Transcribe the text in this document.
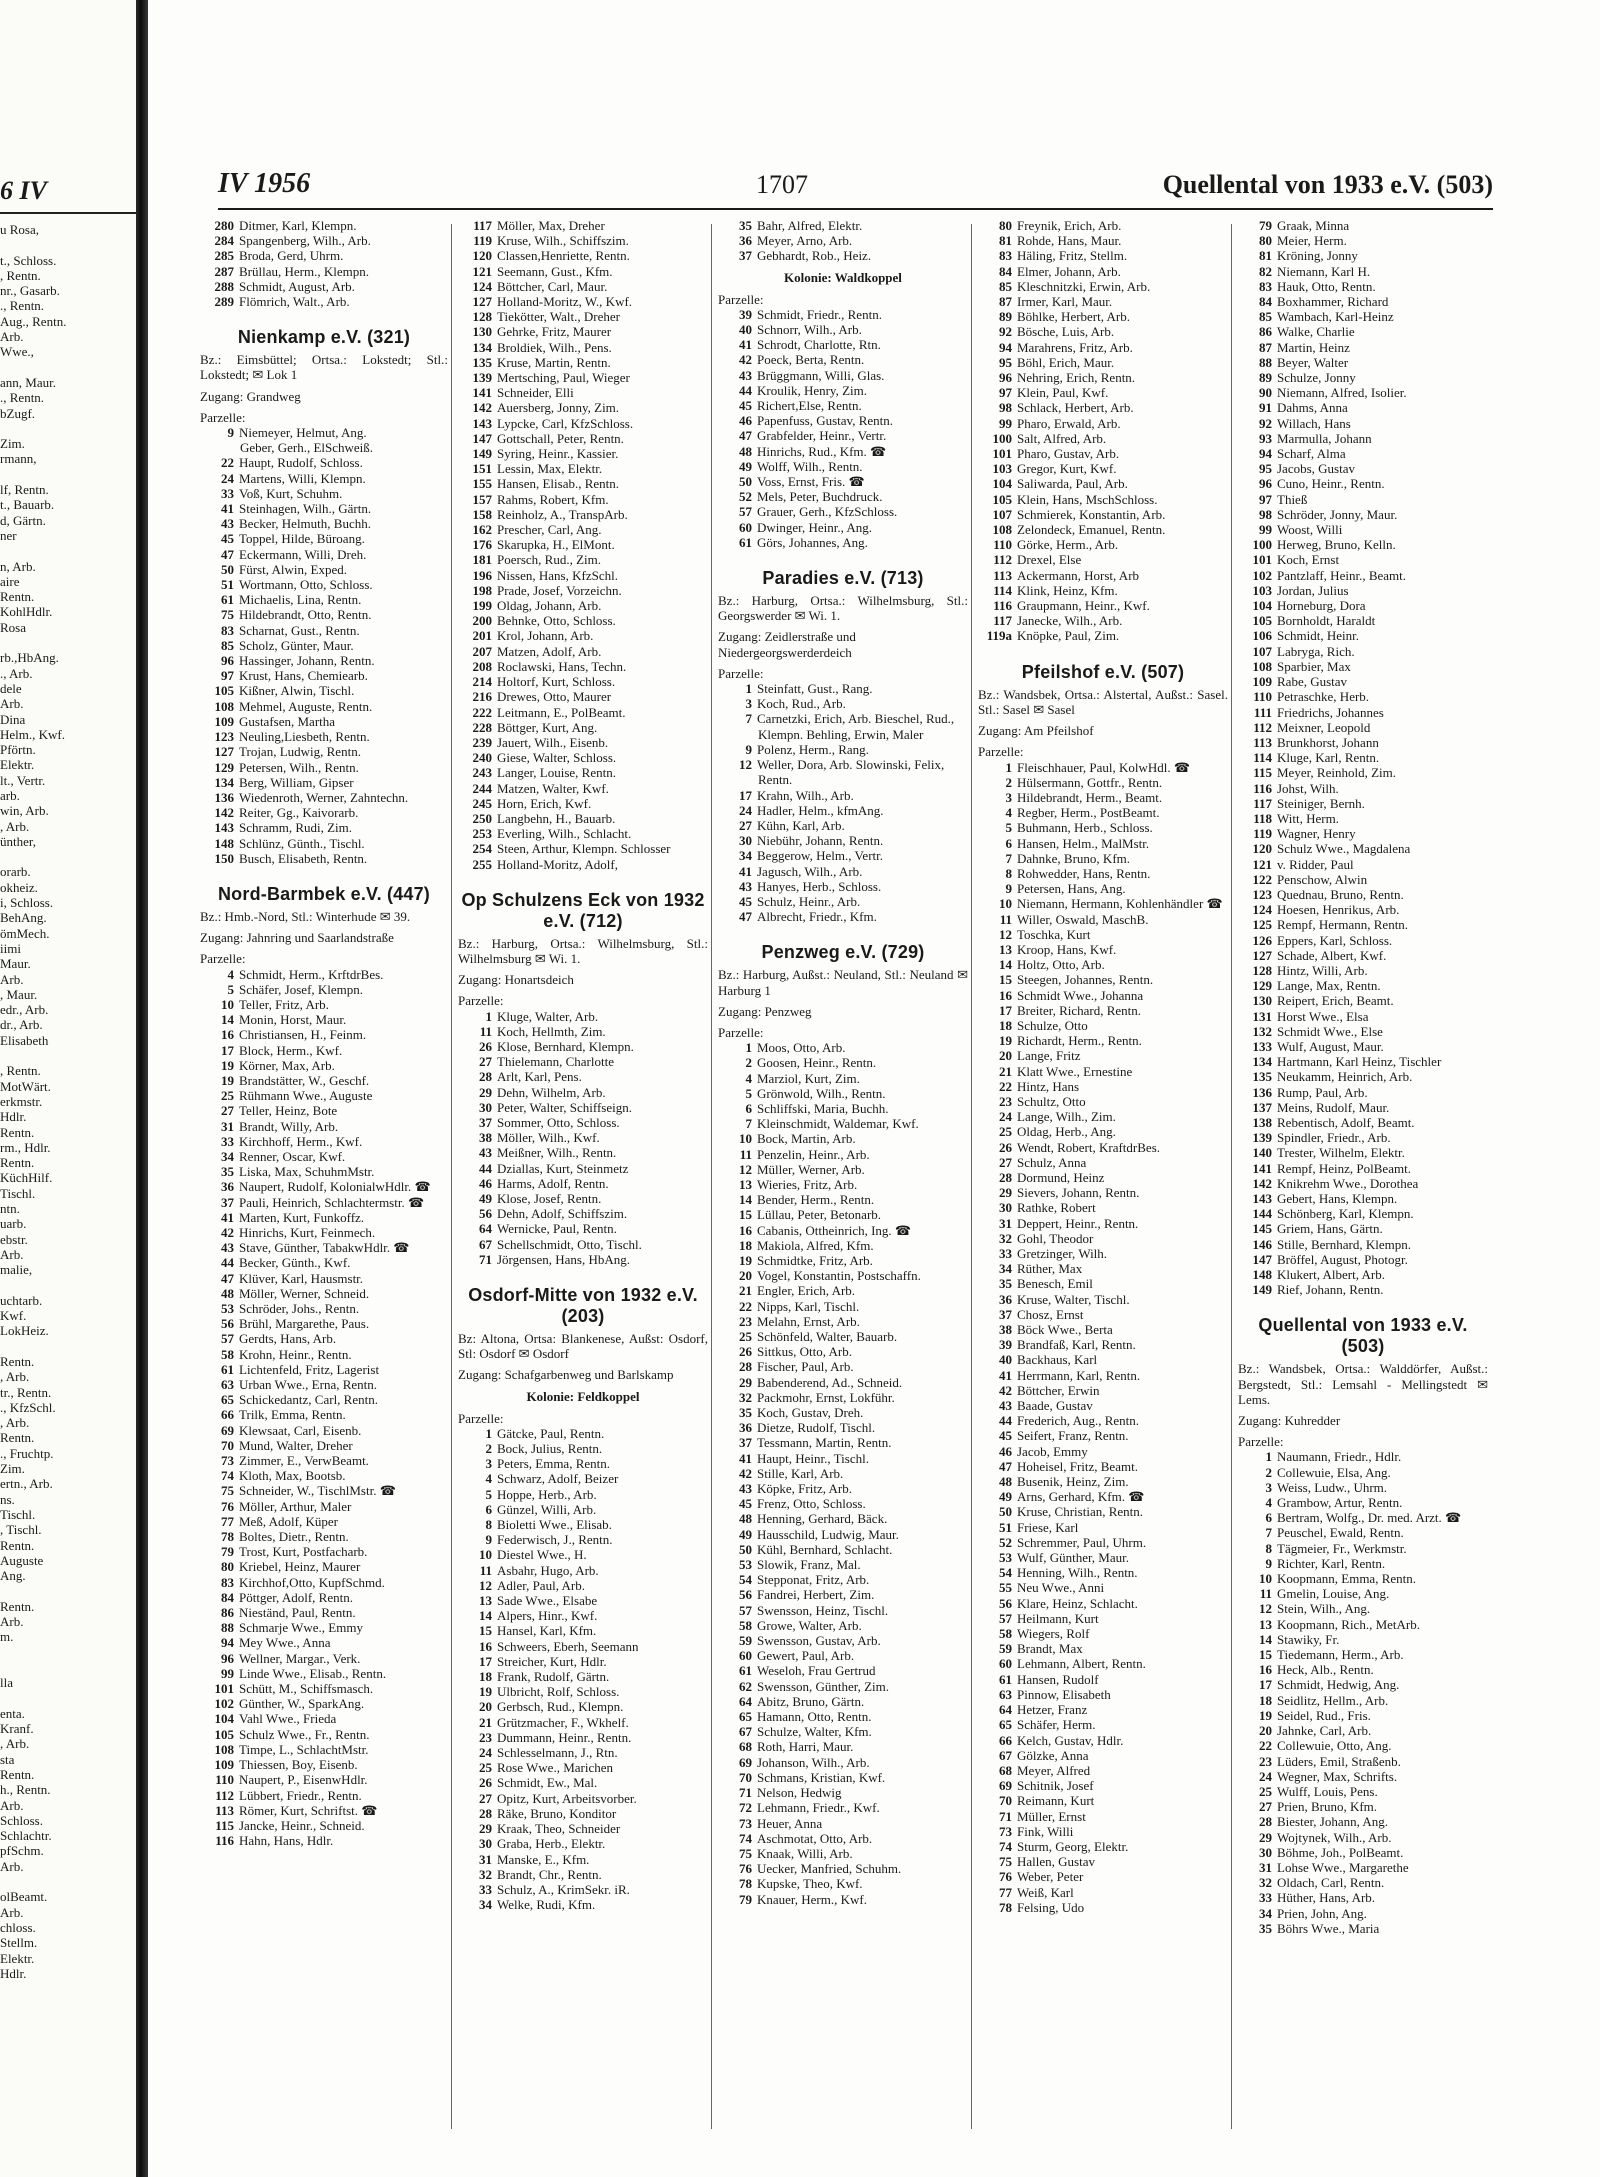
6 IV
u Rosa,

t., Schloss.
, Rentn.
nr., Gasarb.
., Rentn.
Aug., Rentn.
Arb.
Wwe.,

ann, Maur.
., Rentn.
bZugf.

Zim.
rmann,

lf, Rentn.
t., Bauarb.
d, Gärtn.
ner

n, Arb.
aire
Rentn.
KohlHdlr.
Rosa

rb.,HbAng.
., Arb.
dele
Arb.
Dina
Helm., Kwf.
Pförtn.
Elektr.
lt., Vertr.
arb.
win, Arb.
, Arb.
ünther,

orarb.
okheiz.
i, Schloss.
BehAng.
ömMech.
iimi
Maur.
Arb.
, Maur.
edr., Arb.
dr., Arb.
Elisabeth

, Rentn.
MotWärt.
erkmstr.
Hdlr.
Rentn.
rm., Hdlr.
Rentn.
KüchHilf.
Tischl.
ntn.
uarb.
ebstr.
Arb.
malie,

uchtarb.
Kwf.
LokHeiz.

Rentn.
, Arb.
tr., Rentn.
., KfzSchl.
, Arb.
Rentn.
., Fruchtp.
Zim.
ertn., Arb.
ns.
Tischl.
, Tischl.
Rentn.
Auguste
Ang.

Rentn.
Arb.
m.

lla

enta.
Kranf.
, Arb.
sta
Rentn.
h., Rentn.
Arb.
Schloss.
Schlachtr.
pfSchm.
Arb.

olBeamt.
Arb.
chloss.
Stellm.
Elektr.
Hdlr.
IV 1956	1707	Quellental von 1933 e.V. (503)
280 Ditmer, Karl, Klempn.
284 Spangenberg, Wilh., Arb.
285 Broda, Gerd, Uhrm.
287 Brüllau, Herm., Klempn.
288 Schmidt, August, Arb.
289 Flömrich, Walt., Arb.
Nienkamp e.V. (321)
Bz.: Eimsbüttel; Ortsa.: Lokstedt; Stl.: Lokstedt; ✉ Lok 1
Zugang: Grandweg
Parzelle:
9 Niemeyer, Helmut, Ang.
Geber, Gerh., ElSchweiß.
22 Haupt, Rudolf, Schloss.
24 Martens, Willi, Klempn.
33 Voß, Kurt, Schuhm.
41 Steinhagen, Wilh., Gärtn.
43 Becker, Helmuth, Buchh.
45 Toppel, Hilde, Büroang.
47 Eckermann, Willi, Dreh.
50 Fürst, Alwin, Exped.
51 Wortmann, Otto, Schloss.
61 Michaelis, Lina, Rentn.
75 Hildebrandt, Otto, Rentn.
83 Scharnat, Gust., Rentn.
85 Scholz, Günter, Maur.
96 Hassinger, Johann, Rentn.
97 Krust, Hans, Chemiearb.
105 Kißner, Alwin, Tischl.
108 Mehmel, Auguste, Rentn.
109 Gustafsen, Martha
123 Neuling,Liesbeth, Rentn.
127 Trojan, Ludwig, Rentn.
129 Petersen, Wilh., Rentn.
134 Berg, William, Gipser
136 Wiedenroth, Werner, Zahntechn.
142 Reiter, Gg., Kaivorarb.
143 Schramm, Rudi, Zim.
148 Schlünz, Günth., Tischl.
150 Busch, Elisabeth, Rentn.
Nord-Barmbek e.V. (447)
Bz.: Hmb.-Nord, Stl.: Winterhude ✉ 39.
Zugang: Jahnring und Saarlandstraße
Parzelle:
4 Schmidt, Herm., KrftdrBes.
5 Schäfer, Josef, Klempn.
10 Teller, Fritz, Arb.
14 Monin, Horst, Maur.
16 Christiansen, H., Feinm.
17 Block, Herm., Kwf.
19 Körner, Max, Arb.
19 Brandstätter, W., Geschf.
25 Rühmann Wwe., Auguste
27 Teller, Heinz, Bote
31 Brandt, Willy, Arb.
33 Kirchhoff, Herm., Kwf.
34 Renner, Oscar, Kwf.
35 Liska, Max, SchuhmMstr.
36 Naupert, Rudolf, KolonialwHdlr. ☎
37 Pauli, Heinrich, Schlachtermstr. ☎
41 Marten, Kurt, Funkoffz.
42 Hinrichs, Kurt, Feinmech.
43 Stave, Günther, TabakwHdlr. ☎
44 Becker, Günth., Kwf.
47 Klüver, Karl, Hausmstr.
48 Möller, Werner, Schneid.
53 Schröder, Johs., Rentn.
56 Brühl, Margarethe, Paus.
57 Gerdts, Hans, Arb.
58 Krohn, Heinr., Rentn.
61 Lichtenfeld, Fritz, Lagerist
63 Urban Wwe., Erna, Rentn.
65 Schickedantz, Carl, Rentn.
66 Trilk, Emma, Rentn.
69 Klewsaat, Carl, Eisenb.
70 Mund, Walter, Dreher
73 Zimmer, E., VerwBeamt.
74 Kloth, Max, Bootsb.
75 Schneider, W., TischlMstr. ☎
76 Möller, Arthur, Maler
77 Meß, Adolf, Küper
78 Boltes, Dietr., Rentn.
79 Trost, Kurt, Postfacharb.
80 Kriebel, Heinz, Maurer
83 Kirchhof,Otto, KupfSchmd.
84 Pöttger, Adolf, Rentn.
86 Nieständ, Paul, Rentn.
88 Schmarje Wwe., Emmy
94 Mey Wwe., Anna
96 Wellner, Margar., Verk.
99 Linde Wwe., Elisab., Rentn.
101 Schütt, M., Schiffsmasch.
102 Günther, W., SparkAng.
104 Vahl Wwe., Frieda
105 Schulz Wwe., Fr., Rentn.
108 Timpe, L., SchlachtMstr.
109 Thiessen, Boy, Eisenb.
110 Naupert, P., EisenwHdlr.
112 Lübbert, Friedr., Rentn.
113 Römer, Kurt, Schriftst. ☎
115 Jancke, Heinr., Schneid.
116 Hahn, Hans, Hdlr.
117 Möller, Max, Dreher
119 Kruse, Wilh., Schiffszim.
120 Classen,Henriette, Rentn.
121 Seemann, Gust., Kfm.
124 Böttcher, Carl, Maur.
127 Holland-Moritz, W., Kwf.
128 Tiekötter, Walt., Dreher
130 Gehrke, Fritz, Maurer
134 Broldiek, Wilh., Pens.
135 Kruse, Martin, Rentn.
139 Mertsching, Paul, Wieger
141 Schneider, Elli
142 Auersberg, Jonny, Zim.
143 Lypcke, Carl, KfzSchloss.
147 Gottschall, Peter, Rentn.
149 Syring, Heinr., Kassier.
151 Lessin, Max, Elektr.
155 Hansen, Elisab., Rentn.
157 Rahms, Robert, Kfm.
158 Reinholz, A., TranspArb.
162 Prescher, Carl, Ang.
176 Skarupka, H., ElMont.
181 Poersch, Rud., Zim.
196 Nissen, Hans, KfzSchl.
198 Prade, Josef, Vorzeichn.
199 Oldag, Johann, Arb.
200 Behnke, Otto, Schloss.
201 Krol, Johann, Arb.
207 Matzen, Adolf, Arb.
208 Roclawski, Hans, Techn.
214 Holtorf, Kurt, Schloss.
216 Drewes, Otto, Maurer
222 Leitmann, E., PolBeamt.
228 Böttger, Kurt, Ang.
239 Jauert, Wilh., Eisenb.
240 Giese, Walter, Schloss.
243 Langer, Louise, Rentn.
244 Matzen, Walter, Kwf.
245 Horn, Erich, Kwf.
250 Langbehn, H., Bauarb.
253 Everling, Wilh., Schlacht.
254 Steen, Arthur, Klempn. Schlosser
255 Holland-Moritz, Adolf,
Op Schulzens Eck von 1932 e.V. (712)
Bz.: Harburg, Ortsa.: Wilhelmsburg, Stl.: Wilhelmsburg ✉ Wi. 1.
Zugang: Honartsdeich
Parzelle:
1 Kluge, Walter, Arb.
11 Koch, Hellmth, Zim.
26 Klose, Bernhard, Klempn.
27 Thielemann, Charlotte
28 Arlt, Karl, Pens.
29 Dehn, Wilhelm, Arb.
30 Peter, Walter, Schiffseign.
37 Sommer, Otto, Schloss.
38 Möller, Wilh., Kwf.
43 Meißner, Wilh., Rentn.
44 Dziallas, Kurt, Steinmetz
46 Harms, Adolf, Rentn.
49 Klose, Josef, Rentn.
56 Dehn, Adolf, Schiffszim.
64 Wernicke, Paul, Rentn.
67 Schellschmidt, Otto, Tischl.
71 Jörgensen, Hans, HbAng.
Osdorf-Mitte von 1932 e.V. (203)
Bz: Altona, Ortsa: Blankenese, Außst: Osdorf, Stl: Osdorf ✉ Osdorf
Zugang: Schafgarbenweg und Barlskamp
Kolonie: Feldkoppel
Parzelle:
1 Gätcke, Paul, Rentn.
2 Bock, Julius, Rentn.
3 Peters, Emma, Rentn.
4 Schwarz, Adolf, Beizer
5 Hoppe, Herb., Arb.
6 Günzel, Willi, Arb.
8 Bioletti Wwe., Elisab.
9 Federwisch, J., Rentn.
10 Diestel Wwe., H.
11 Asbahr, Hugo, Arb.
12 Adler, Paul, Arb.
13 Sade Wwe., Elsabe
14 Alpers, Hinr., Kwf.
15 Hansel, Karl, Kfm.
16 Schweers, Eberh, Seemann
17 Streicher, Kurt, Hdlr.
18 Frank, Rudolf, Gärtn.
19 Ulbricht, Rolf, Schloss.
20 Gerbsch, Rud., Klempn.
21 Grützmacher, F., Wkhelf.
23 Dummann, Heinr., Rentn.
24 Schlesselmann, J., Rtn.
25 Rose Wwe., Marichen
26 Schmidt, Ew., Mal.
27 Opitz, Kurt, Arbeitsvorber.
28 Räke, Bruno, Konditor
29 Kraak, Theo, Schneider
30 Graba, Herb., Elektr.
31 Manske, E., Kfm.
32 Brandt, Chr., Rentn.
33 Schulz, A., KrimSekr. iR.
34 Welke, Rudi, Kfm.
35 Bahr, Alfred, Elektr.
36 Meyer, Arno, Arb.
37 Gebhardt, Rob., Heiz.
Kolonie: Waldkoppel
Parzelle:
39 Schmidt, Friedr., Rentn.
40 Schnorr, Wilh., Arb.
41 Schrodt, Charlotte, Rtn.
42 Poeck, Berta, Rentn.
43 Brüggmann, Willi, Glas.
44 Kroulik, Henry, Zim.
45 Richert,Else, Rentn.
46 Papenfuss, Gustav, Rentn.
47 Grabfelder, Heinr., Vertr.
48 Hinrichs, Rud., Kfm. ☎
49 Wolff, Wilh., Rentn.
50 Voss, Ernst, Fris. ☎
52 Mels, Peter, Buchdruck.
57 Grauer, Gerh., KfzSchloss.
60 Dwinger, Heinr., Ang.
61 Görs, Johannes, Ang.
Paradies e.V. (713)
Bz.: Harburg, Ortsa.: Wilhelmsburg, Stl.: Georgswerder ✉ Wi. 1.
Zugang: Zeidlerstraße und Niedergeorgswerderdeich
Parzelle:
1 Steinfatt, Gust., Rang.
3 Koch, Rud., Arb.
7 Carnetzki, Erich, Arb. Bieschel, Rud., Klempn. Behling, Erwin, Maler
9 Polenz, Herm., Rang.
12 Weller, Dora, Arb. Slowinski, Felix, Rentn.
17 Krahn, Wilh., Arb.
24 Hadler, Helm., kfmAng.
27 Kühn, Karl, Arb.
30 Niebühr, Johann, Rentn.
34 Beggerow, Helm., Vertr.
41 Jagusch, Wilh., Arb.
43 Hanyes, Herb., Schloss.
45 Schulz, Heinr., Arb.
47 Albrecht, Friedr., Kfm.
Penzweg e.V. (729)
Bz.: Harburg, Außst.: Neuland, Stl.: Neuland ✉ Harburg 1
Zugang: Penzweg
Parzelle:
1 Moos, Otto, Arb.
2 Goosen, Heinr., Rentn.
4 Marziol, Kurt, Zim.
5 Grönwold, Wilh., Rentn.
6 Schliffski, Maria, Buchh.
7 Kleinschmidt, Waldemar, Kwf.
10 Bock, Martin, Arb.
11 Penzelin, Heinr., Arb.
12 Müller, Werner, Arb.
13 Wieries, Fritz, Arb.
14 Bender, Herm., Rentn.
15 Lüllau, Peter, Betonarb.
16 Cabanis, Ottheinrich, Ing. ☎
18 Makiola, Alfred, Kfm.
19 Schmidtke, Fritz, Arb.
20 Vogel, Konstantin, Postschaffn.
21 Engler, Erich, Arb.
22 Nipps, Karl, Tischl.
23 Melahn, Ernst, Arb.
25 Schönfeld, Walter, Bauarb.
26 Sittkus, Otto, Arb.
28 Fischer, Paul, Arb.
29 Babenderend, Ad., Schneid.
32 Packmohr, Ernst, Lokführ.
35 Koch, Gustav, Dreh.
36 Dietze, Rudolf, Tischl.
37 Tessmann, Martin, Rentn.
41 Haupt, Heinr., Tischl.
42 Stille, Karl, Arb.
43 Köpke, Fritz, Arb.
45 Frenz, Otto, Schloss.
48 Henning, Gerhard, Bäck.
49 Hausschild, Ludwig, Maur.
50 Kühl, Bernhard, Schlacht.
53 Slowik, Franz, Mal.
54 Stepponat, Fritz, Arb.
56 Fandrei, Herbert, Zim.
57 Swensson, Heinz, Tischl.
58 Growe, Walter, Arb.
59 Swensson, Gustav, Arb.
60 Gewert, Paul, Arb.
61 Weseloh, Frau Gertrud
62 Swensson, Günther, Zim.
64 Abitz, Bruno, Gärtn.
65 Hamann, Otto, Rentn.
67 Schulze, Walter, Kfm.
68 Roth, Harri, Maur.
69 Johanson, Wilh., Arb.
70 Schmans, Kristian, Kwf.
71 Nelson, Hedwig
72 Lehmann, Friedr., Kwf.
73 Heuer, Anna
74 Aschmotat, Otto, Arb.
75 Knaak, Willi, Arb.
76 Uecker, Manfried, Schuhm.
78 Kupske, Theo, Kwf.
79 Knauer, Herm., Kwf.
80 Freynik, Erich, Arb.
81 Rohde, Hans, Maur.
83 Häling, Fritz, Stellm.
84 Elmer, Johann, Arb.
85 Kleschnitzki, Erwin, Arb.
87 Irmer, Karl, Maur.
89 Böhlke, Herbert, Arb.
92 Bösche, Luis, Arb.
94 Marahrens, Fritz, Arb.
95 Böhl, Erich, Maur.
96 Nehring, Erich, Rentn.
97 Klein, Paul, Kwf.
98 Schlack, Herbert, Arb.
99 Pharo, Erwald, Arb.
100 Salt, Alfred, Arb.
101 Pharo, Gustav, Arb.
103 Gregor, Kurt, Kwf.
104 Saliwarda, Paul, Arb.
105 Klein, Hans, MschSchloss.
107 Schmierek, Konstantin, Arb.
108 Zelondeck, Emanuel, Rentn.
110 Görke, Herm., Arb.
112 Drexel, Else
113 Ackermann, Horst, Arb
114 Klink, Heinz, Kfm.
116 Graupmann, Heinr., Kwf.
117 Janecke, Wilh., Arb.
119a Knöpke, Paul, Zim.
Pfeilshof e.V. (507)
Bz.: Wandsbek, Ortsa.: Alstertal, Außst.: Sasel. Stl.: Sasel ✉ Sasel
Zugang: Am Pfeilshof
Parzelle:
1 Fleischhauer, Paul, KolwHdl. ☎
2 Hülsermann, Gottfr., Rentn.
3 Hildebrandt, Herm., Beamt.
4 Regber, Herm., PostBeamt.
5 Buhmann, Herb., Schloss.
6 Hansen, Helm., MalMstr.
7 Dahnke, Bruno, Kfm.
8 Rohwedder, Hans, Rentn.
9 Petersen, Hans, Ang.
10 Niemann, Hermann, Kohlenhändler ☎
11 Willer, Oswald, MaschB.
12 Toschka, Kurt
13 Kroop, Hans, Kwf.
14 Holtz, Otto, Arb.
15 Steegen, Johannes, Rentn.
16 Schmidt Wwe., Johanna
17 Breiter, Richard, Rentn.
18 Schulze, Otto
19 Richardt, Herm., Rentn.
20 Lange, Fritz
21 Klatt Wwe., Ernestine
22 Hintz, Hans
23 Schultz, Otto
24 Lange, Wilh., Zim.
25 Oldag, Herb., Ang.
26 Wendt, Robert, KraftdrBes.
27 Schulz, Anna
28 Dormund, Heinz
29 Sievers, Johann, Rentn.
30 Rathke, Robert
31 Deppert, Heinr., Rentn.
32 Gohl, Theodor
33 Gretzinger, Wilh.
34 Rüther, Max
35 Benesch, Emil
36 Kruse, Walter, Tischl.
37 Chosz, Ernst
38 Böck Wwe., Berta
39 Brandfaß, Karl, Rentn.
40 Backhaus, Karl
41 Herrmann, Karl, Rentn.
42 Böttcher, Erwin
43 Baade, Gustav
44 Frederich, Aug., Rentn.
45 Seifert, Franz, Rentn.
46 Jacob, Emmy
47 Hoheisel, Fritz, Beamt.
48 Busenik, Heinz, Zim.
49 Arns, Gerhard, Kfm. ☎
50 Kruse, Christian, Rentn.
51 Friese, Karl
52 Schremmer, Paul, Uhrm.
53 Wulf, Günther, Maur.
54 Henning, Wilh., Rentn.
55 Neu Wwe., Anni
56 Klare, Heinz, Schlacht.
57 Heilmann, Kurt
58 Wiegers, Rolf
59 Brandt, Max
60 Lehmann, Albert, Rentn.
61 Hansen, Rudolf
63 Pinnow, Elisabeth
64 Hetzer, Franz
65 Schäfer, Herm.
66 Kelch, Gustav, Hdlr.
67 Gölzke, Anna
68 Meyer, Alfred
69 Schitnik, Josef
70 Reimann, Kurt
71 Müller, Ernst
73 Fink, Willi
74 Sturm, Georg, Elektr.
75 Hallen, Gustav
76 Weber, Peter
77 Weiß, Karl
78 Felsing, Udo
79 Graak, Minna
80 Meier, Herm.
81 Kröning, Jonny
82 Niemann, Karl H.
83 Hauk, Otto, Rentn.
84 Boxhammer, Richard
85 Wambach, Karl-Heinz
86 Walke, Charlie
87 Martin, Heinz
88 Beyer, Walter
89 Schulze, Jonny
90 Niemann, Alfred, Isolier.
91 Dahms, Anna
92 Willach, Hans
93 Marmulla, Johann
94 Scharf, Alma
95 Jacobs, Gustav
96 Cuno, Heinr., Rentn.
97 Thieß
98 Schröder, Jonny, Maur.
99 Woost, Willi
100 Herweg, Bruno, Kelln.
101 Koch, Ernst
102 Pantzlaff, Heinr., Beamt.
103 Jordan, Julius
104 Horneburg, Dora
105 Bornholdt, Haraldt
106 Schmidt, Heinr.
107 Labryga, Rich.
108 Sparbier, Max
109 Rabe, Gustav
110 Petraschke, Herb.
111 Friedrichs, Johannes
112 Meixner, Leopold
113 Brunkhorst, Johann
114 Kluge, Karl, Rentn.
115 Meyer, Reinhold, Zim.
116 Johst, Wilh.
117 Steiniger, Bernh.
118 Witt, Herm.
119 Wagner, Henry
120 Schulz Wwe., Magdalena
121 v. Ridder, Paul
122 Penschow, Alwin
123 Quednau, Bruno, Rentn.
124 Hoesen, Henrikus, Arb.
125 Rempf, Hermann, Rentn.
126 Eppers, Karl, Schloss.
127 Schade, Albert, Kwf.
128 Hintz, Willi, Arb.
129 Lange, Max, Rentn.
130 Reipert, Erich, Beamt.
131 Horst Wwe., Elsa
132 Schmidt Wwe., Else
133 Wulf, August, Maur.
134 Hartmann, Karl Heinz, Tischler
135 Neukamm, Heinrich, Arb.
136 Rump, Paul, Arb.
137 Meins, Rudolf, Maur.
138 Rebentisch, Adolf, Beamt.
139 Spindler, Friedr., Arb.
140 Trester, Wilhelm, Elektr.
141 Rempf, Heinz, PolBeamt.
142 Knikrehm Wwe., Dorothea
143 Gebert, Hans, Klempn.
144 Schönberg, Karl, Klempn.
145 Griem, Hans, Gärtn.
146 Stille, Bernhard, Klempn.
147 Bröffel, August, Photogr.
148 Klukert, Albert, Arb.
149 Rief, Johann, Rentn.
Quellental von 1933 e.V. (503)
Bz.: Wandsbek, Ortsa.: Walddörfer, Außst.: Bergstedt, Stl.: Lemsahl - Mellingstedt ✉ Lems.
Zugang: Kuhredder
Parzelle:
1 Naumann, Friedr., Hdlr.
2 Collewuie, Elsa, Ang.
3 Weiss, Ludw., Uhrm.
4 Grambow, Artur, Rentn.
6 Bertram, Wolfg., Dr. med. Arzt. ☎
7 Peuschel, Ewald, Rentn.
8 Tägmeier, Fr., Werkmstr.
9 Richter, Karl, Rentn.
10 Koopmann, Emma, Rentn.
11 Gmelin, Louise, Ang.
12 Stein, Wilh., Ang.
13 Koopmann, Rich., MetArb.
14 Stawiky, Fr.
15 Tiedemann, Herm., Arb.
16 Heck, Alb., Rentn.
17 Schmidt, Hedwig, Ang.
18 Seidlitz, Hellm., Arb.
19 Seidel, Rud., Fris.
20 Jahnke, Carl, Arb.
22 Collewuie, Otto, Ang.
23 Lüders, Emil, Straßenb.
24 Wegner, Max, Schrifts.
25 Wulff, Louis, Pens.
27 Prien, Bruno, Kfm.
28 Biester, Johann, Ang.
29 Wojtynek, Wilh., Arb.
30 Böhme, Joh., PolBeamt.
31 Lohse Wwe., Margarethe
32 Oldach, Carl, Rentn.
33 Hüther, Hans, Arb.
34 Prien, John, Ang.
35 Böhrs Wwe., Maria
